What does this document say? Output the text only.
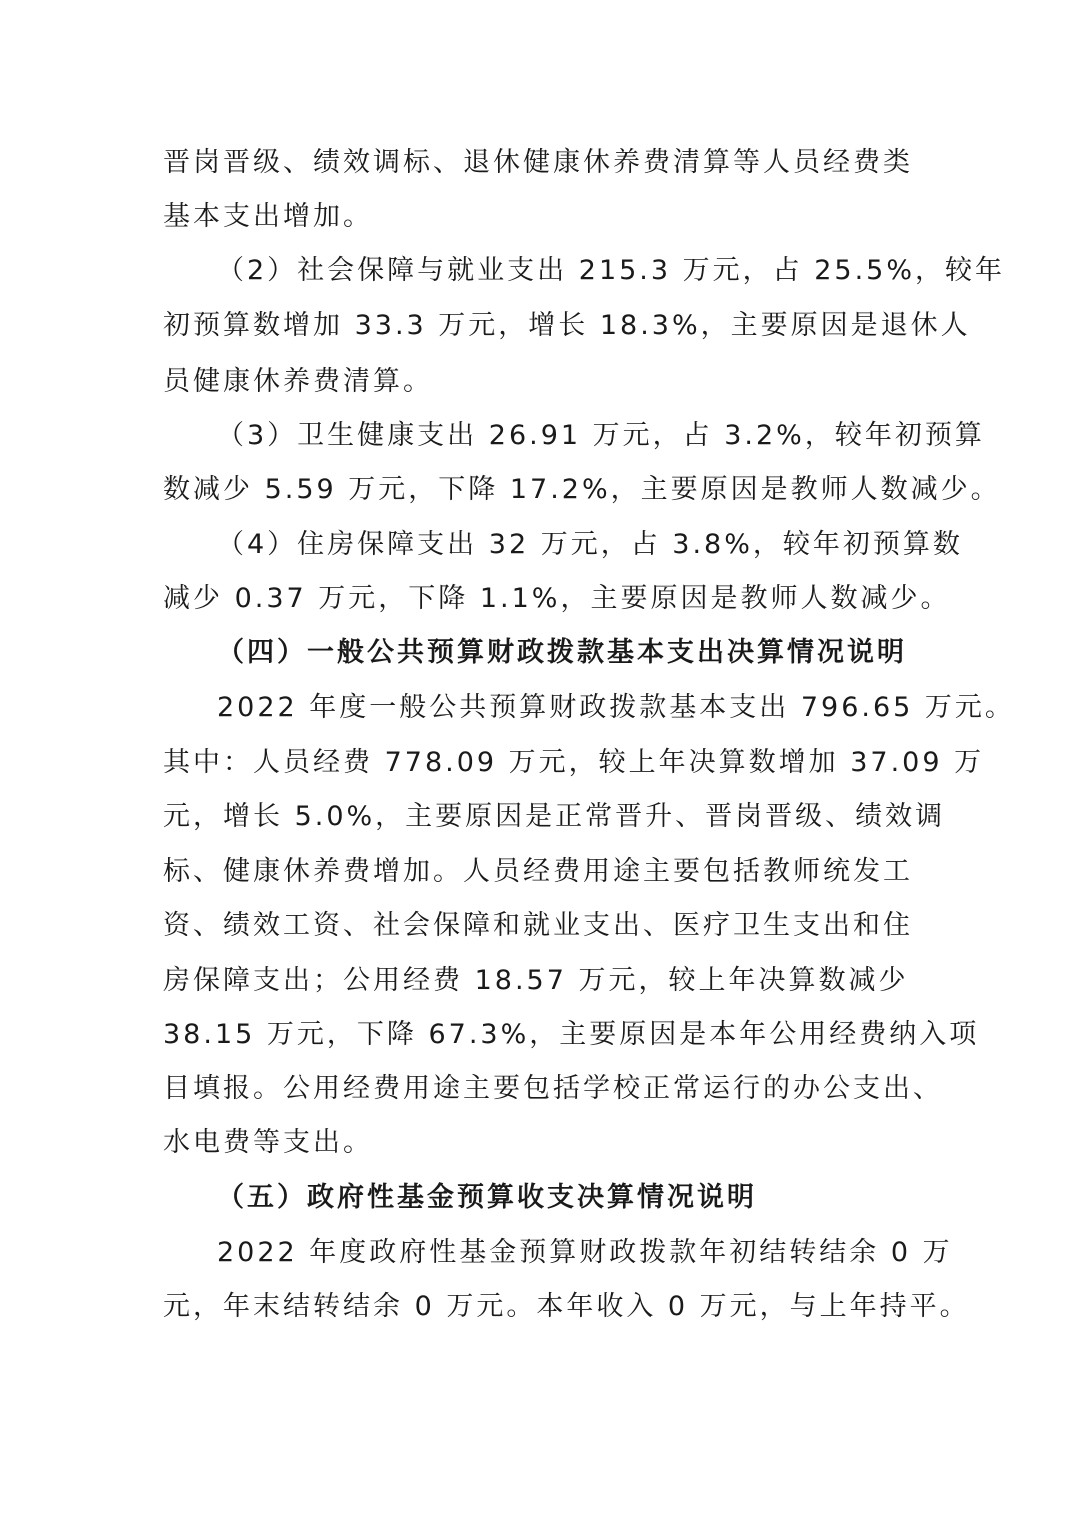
晋岗晋级、绩效调标、退休健康休养费清算等人员经费类
基本支出增加。
（2）社会保障与就业支出 215.3 万元，占 25.5%，较年
初预算数增加 33.3 万元，增长 18.3%，主要原因是退休人
员健康休养费清算。
（3）卫生健康支出 26.91 万元，占 3.2%，较年初预算
数减少 5.59 万元，下降 17.2%，主要原因是教师人数减少。
（4）住房保障支出 32 万元，占 3.8%，较年初预算数
减少 0.37 万元，下降 1.1%，主要原因是教师人数减少。
（四）一般公共预算财政拨款基本支出决算情况说明
2022 年度一般公共预算财政拨款基本支出 796.65 万元。
其中：人员经费 778.09 万元，较上年决算数增加 37.09 万
元，增长 5.0%，主要原因是正常晋升、晋岗晋级、绩效调
标、健康休养费增加。人员经费用途主要包括教师统发工
资、绩效工资、社会保障和就业支出、医疗卫生支出和住
房保障支出；公用经费 18.57 万元，较上年决算数减少
38.15 万元，下降 67.3%，主要原因是本年公用经费纳入项
目填报。公用经费用途主要包括学校正常运行的办公支出、
水电费等支出。
（五）政府性基金预算收支决算情况说明
2022 年度政府性基金预算财政拨款年初结转结余 0 万
元，年末结转结余 0 万元。本年收入 0 万元，与上年持平。
